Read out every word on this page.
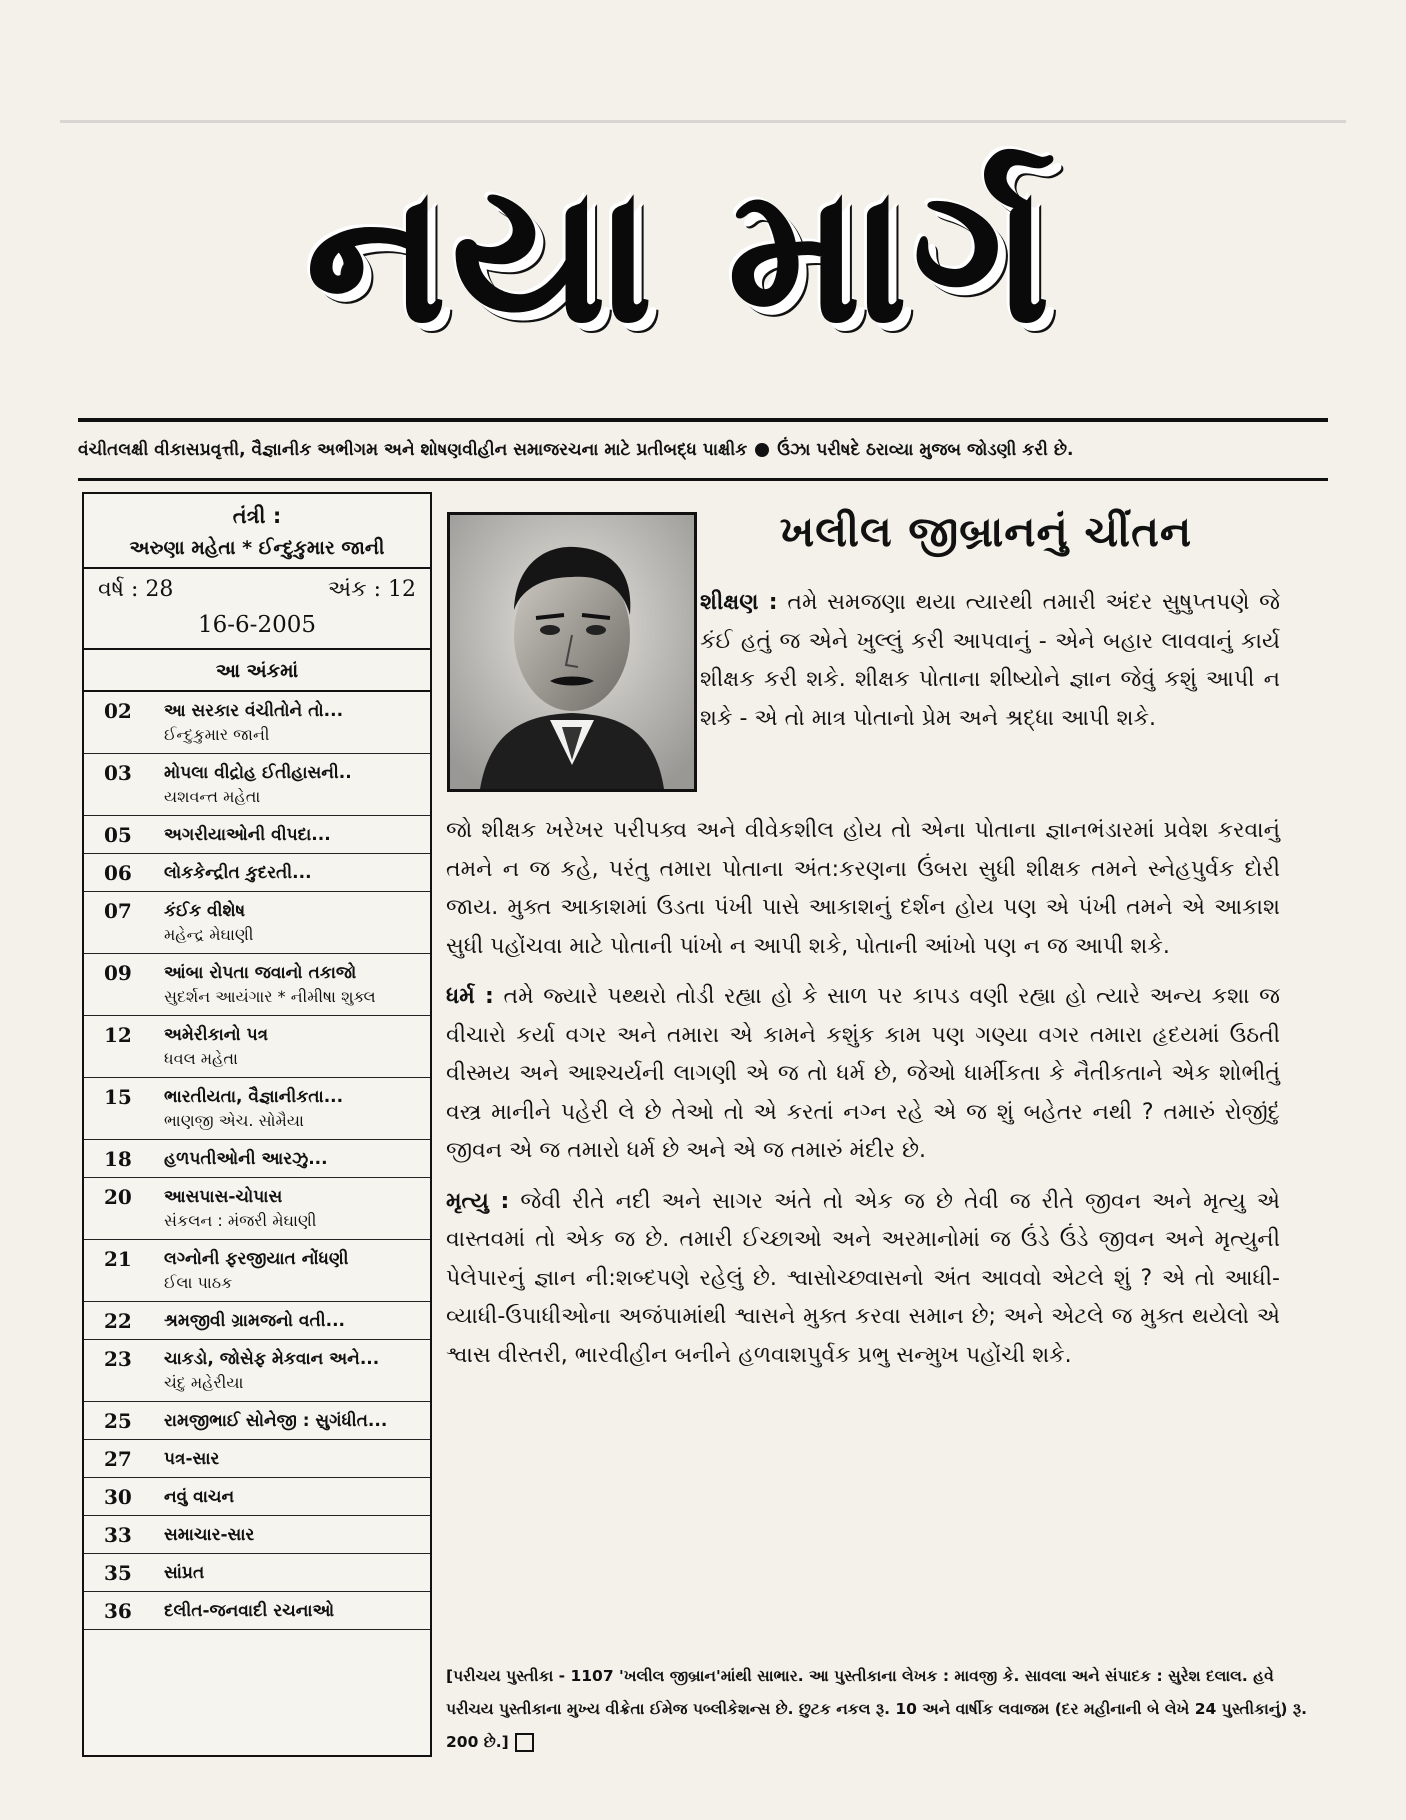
નયા માર્ગ
વંચીતલક્ષી વીકાસપ્રવૃત્તી, વૈજ્ઞાનીક અભીગમ અને શોષણવીહીન સમાજરચના માટે પ્રતીબદ્ધ પાક્ષીક ઉંઝા પરીષદે ઠરાવ્યા મુજબ જોડણી કરી છે.
તંત્રી :
અરુણા મહેતા * ઈન્દુકુમાર જાની
વર્ષ : 28	અંક : 12
16-6-2005
આ અંકમાં
02	આ સરકાર વંચીતોને તો...
ઈન્દુકુમાર જાની
03	મોપલા વીદ્રોહ ઈતીહાસની..
યશવન્ત મહેતા
05	અગરીયાઓની વીપદા...
06	લોકકેન્દ્રીત કુદરતી...
07	કંઈક વીશેષ
મહેન્દ્ર મેઘાણી
09	આંબા રોપતા જવાનો તકાજો
સુદર્શન આયંગાર * નીમીષા શુક્લ
12	અમેરીકાનો પત્ર
ધવલ મહેતા
15	ભારતીયતા, વૈજ્ઞાનીકતા...
ભાણજી એચ. સોમૈયા
18	હળપતીઓની આરઝુ...
20	આસપાસ-ચોપાસ
સંકલન : મંજરી મેઘાણી
21	લગ્નોની ફરજીયાત નોંધણી
ઈલા પાઠક
22	શ્રમજીવી ગ્રામજનો વતી...
23	ચાકડો, જોસેફ મેકવાન અને...
ચંદુ મહેરીયા
25	રામજીભાઈ સોનેજી : સુગંધીત...
27	પત્ર-સાર
30	નવું વાચન
33	સમાચાર-સાર
35	સાંપ્રત
36	દલીત-જનવાદી રચનાઓ
ખલીલ જીબ્રાનનું ચીંતન

શીક્ષણ : તમે સમજણા થયા ત્યારથી તમારી અંદર સુષુપ્તપણે જે કંઈ હતું જ એને ખુલ્લું કરી આપવાનું - એને બહાર લાવવાનું કાર્ય શીક્ષક કરી શકે. શીક્ષક પોતાના શીષ્યોને જ્ઞાન જેવું કશું આપી ન શકે - એ તો માત્ર પોતાનો પ્રેમ અને શ્રદ્ધા આપી શકે.

જો શીક્ષક ખરેખર પરીપક્વ અને વીવેકશીલ હોય તો એના પોતાના જ્ઞાનભંડારમાં પ્રવેશ કરવાનું તમને ન જ કહે, પરંતુ તમારા પોતાના અંત:કરણના ઉંબરા સુધી શીક્ષક તમને સ્નેહપુર્વક દોરી જાય. મુક્ત આકાશમાં ઉડતા પંખી પાસે આકાશનું દર્શન હોય પણ એ પંખી તમને એ આકાશ સુધી પહોંચવા માટે પોતાની પાંખો ન આપી શકે, પોતાની આંખો પણ ન જ આપી શકે.

ધર્મ : તમે જ્યારે પથ્થરો તોડી રહ્યા હો કે સાળ પર કાપડ વણી રહ્યા હો ત્યારે અન્ય કશા જ વીચારો કર્યા વગર અને તમારા એ કામને કશુંક કામ પણ ગણ્યા વગર તમારા હૃદયમાં ઉઠતી વીસ્મય અને આશ્ચર્યની લાગણી એ જ તો ધર્મ છે, જેઓ ધાર્મીકતા કે નૈતીકતાને એક શોભીતું વસ્ત્ર માનીને પહેરી લે છે તેઓ તો એ કરતાં નગ્ન રહે એ જ શું બહેતર નથી ? તમારું રોજીંદું જીવન એ જ તમારો ધર્મ છે અને એ જ તમારું મંદીર છે.

મૃત્યુ : જેવી રીતે નદી અને સાગર અંતે તો એક જ છે તેવી જ રીતે જીવન અને મૃત્યુ એ વાસ્તવમાં તો એક જ છે. તમારી ઈચ્છાઓ અને અરમાનોમાં જ ઉંડે ઉંડે જીવન અને મૃત્યુની પેલેપારનું જ્ઞાન ની:શબ્દપણે રહેલું છે. શ્વાસોચ્છ્વાસનો અંત આવવો એટલે શું ? એ તો આધી-વ્યાધી-ઉપાધીઓના અજંપામાંથી શ્વાસને મુક્ત કરવા સમાન છે; અને એટલે જ મુક્ત થયેલો એ શ્વાસ વીસ્તરી, ભારવીહીન બનીને હળવાશપુર્વક પ્રભુ સન્મુખ પહોંચી શકે.

[પરીચય પુસ્તીકા - 1107 'ખલીલ જીબ્રાન'માંથી સાભાર. આ પુસ્તીકાના લેખક : માવજી કે. સાવલા અને સંપાદક : સુરેશ દલાલ. હવે પરીચય પુસ્તીકાના મુખ્ય વીક્રેતા ઈમેજ પબ્લીકેશન્સ છે. છુટક નકલ રૂ. 10 અને વાર્ષીક લવાજમ (દર મહીનાની બે લેખે 24 પુસ્તીકાનું) રૂ. 200 છે.]
